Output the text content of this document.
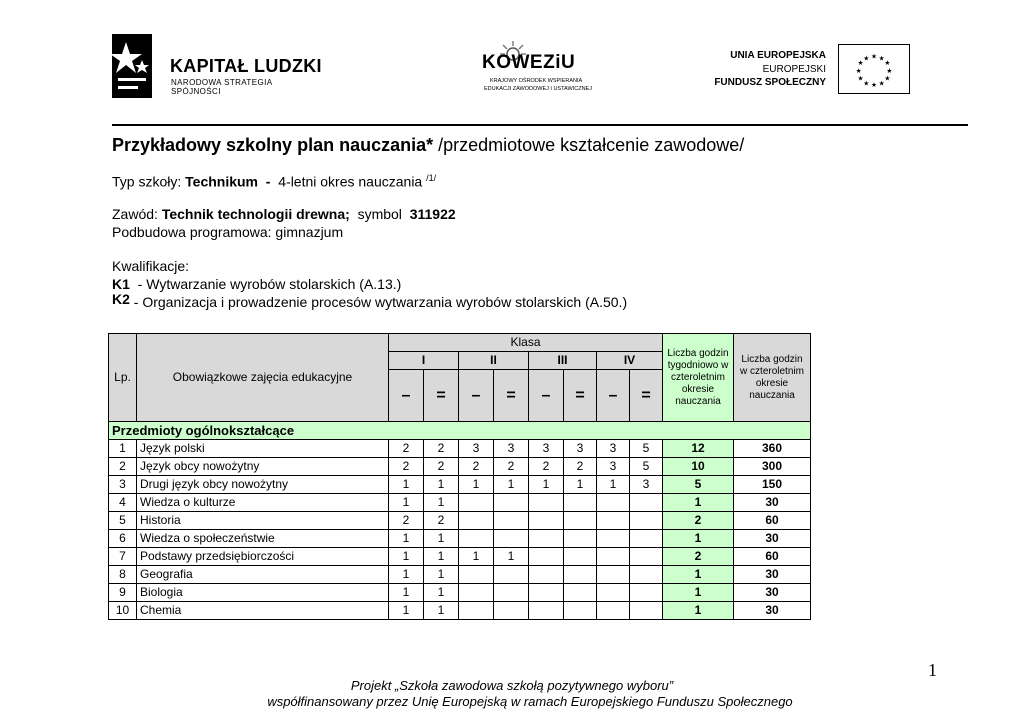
KAPITAŁ LUDZKI
NARODOWA STRATEGIA SPÓJNOŚCI
KOWEZiU
KRAJOWY OŚRODEK WSPIERANIA
EDUKACJI ZAWODOWEJ I USTAWICZNEJ
UNIA EUROPEJSKA
EUROPEJSKI
FUNDUSZ SPOŁECZNY
★ ★
★
★
★
★
★
★
★
★
★
★
Przykładowy szkolny plan nauczania* /przedmiotowe kształcenie zawodowe/
Typ szkoły: Technikum  -  4-letni okres nauczania $^{/1/}$
Zawód: Technik technologii drewna;  symbol  311922
Podbudowa programowa: gimnazjum
Kwalifikacje:
K1  - Wytwarzanie wyrobów stolarskich (A.13.)
K2 - Organizacja i prowadzenie procesów wytwarzania wyrobów stolarskich (A.50.)
Lp.	Obowiązkowe zajęcia edukacyjne	Klasa								Liczba godzin tygodniowo w czteroletnim okresie nauczania	Liczba godzin w czteroletnim okresie nauczania
		I		II		III		IV			
		–	=	–	=	–	=	–	=		
Przedmioty ogólnokształcące											
1	Język polski	2	2	3	3	3	3	3	5	12	360
2	Język obcy nowożytny	2	2	2	2	2	2	3	5	10	300
3	Drugi język obcy nowożytny	1	1	1	1	1	1	1	3	5	150
4	Wiedza o kulturze	1	1							1	30
5	Historia	2	2							2	60
6	Wiedza o społeczeństwie	1	1							1	30
7	Podstawy przedsiębiorczości	1	1	1	1					2	60
8	Geografia	1	1							1	30
9	Biologia	1	1							1	30
10	Chemia	1	1							1	30
1
Projekt „Szkoła zawodowa szkołą pozytywnego wyboru”
współfinansowany przez Unię Europejską w ramach Europejskiego Funduszu Społecznego
